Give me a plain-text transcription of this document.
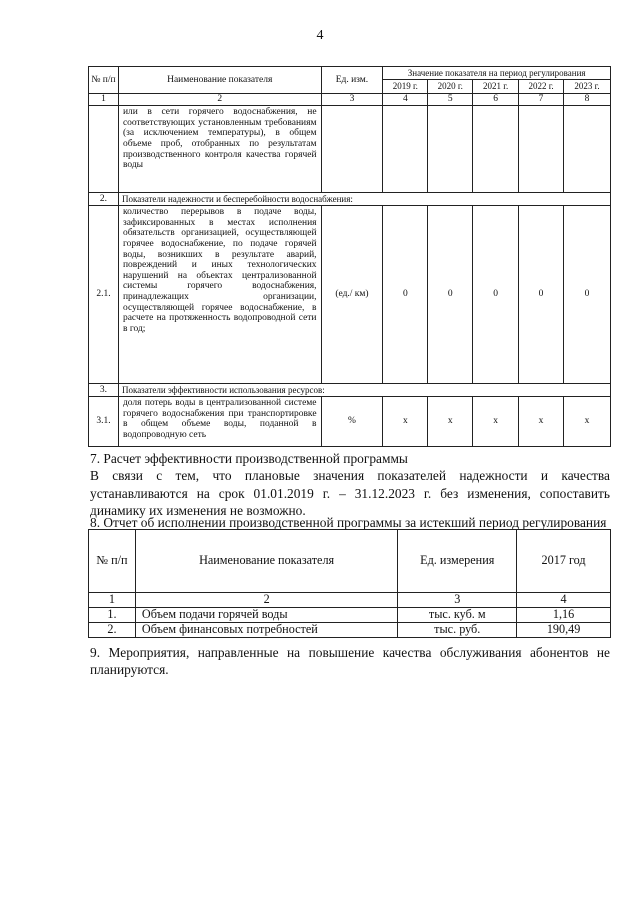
4
№ п/п	Наименование показателя	Ед. изм.	Значение показателя на период регулирования				
			2019 г.	2020 г.	2021 г.	2022 г.	2023 г.
1	2	3	4	5	6	7	8
	или в сети горячего водоснабжения, не соответствующих установленным требованиям (за исключением температуры), в общем объеме проб, отобранных по результатам производственного контроля качества горячей воды						
2.	Показатели надежности и бесперебойности водоснабжения:						
2.1.	количество перерывов в подаче воды, зафиксированных в местах исполнения обязательств организацией, осуществляющей горячее водоснабжение, по подаче горячей воды, возникших в результате аварий, повреждений и иных технологических нарушений на объектах централизованной системы горячего водоснабжения, принадлежащих организации, осуществляющей горячее водоснабжение, в расчете на протяженность водопроводной сети в год;	(ед./ км)	0	0	0	0	0
3.	Показатели эффективности использования ресурсов:						
3.1.	доля потерь воды в централизованной системе горячего водоснабжения при транспортировке в общем объеме воды, поданной в водопроводную сеть	%	x	x	x	x	x
7. Расчет эффективности производственной программы
В связи с тем, что плановые значения показателей надежности и качества
устанавливаются на срок 01.01.2019 г. – 31.12.2023 г. без изменения, сопоставить
динамику их изменения не возможно.
8. Отчет об исполнении производственной программы за истекший период регулирования
№ п/п	Наименование показателя	Ед. измерения	2017 год
1	2	3	4
1.	Объем подачи горячей воды	тыс. куб. м	1,16
2.	Объем финансовых потребностей	тыс. руб.	190,49
9. Мероприятия, направленные на повышение качества обслуживания абонентов не
планируются.
